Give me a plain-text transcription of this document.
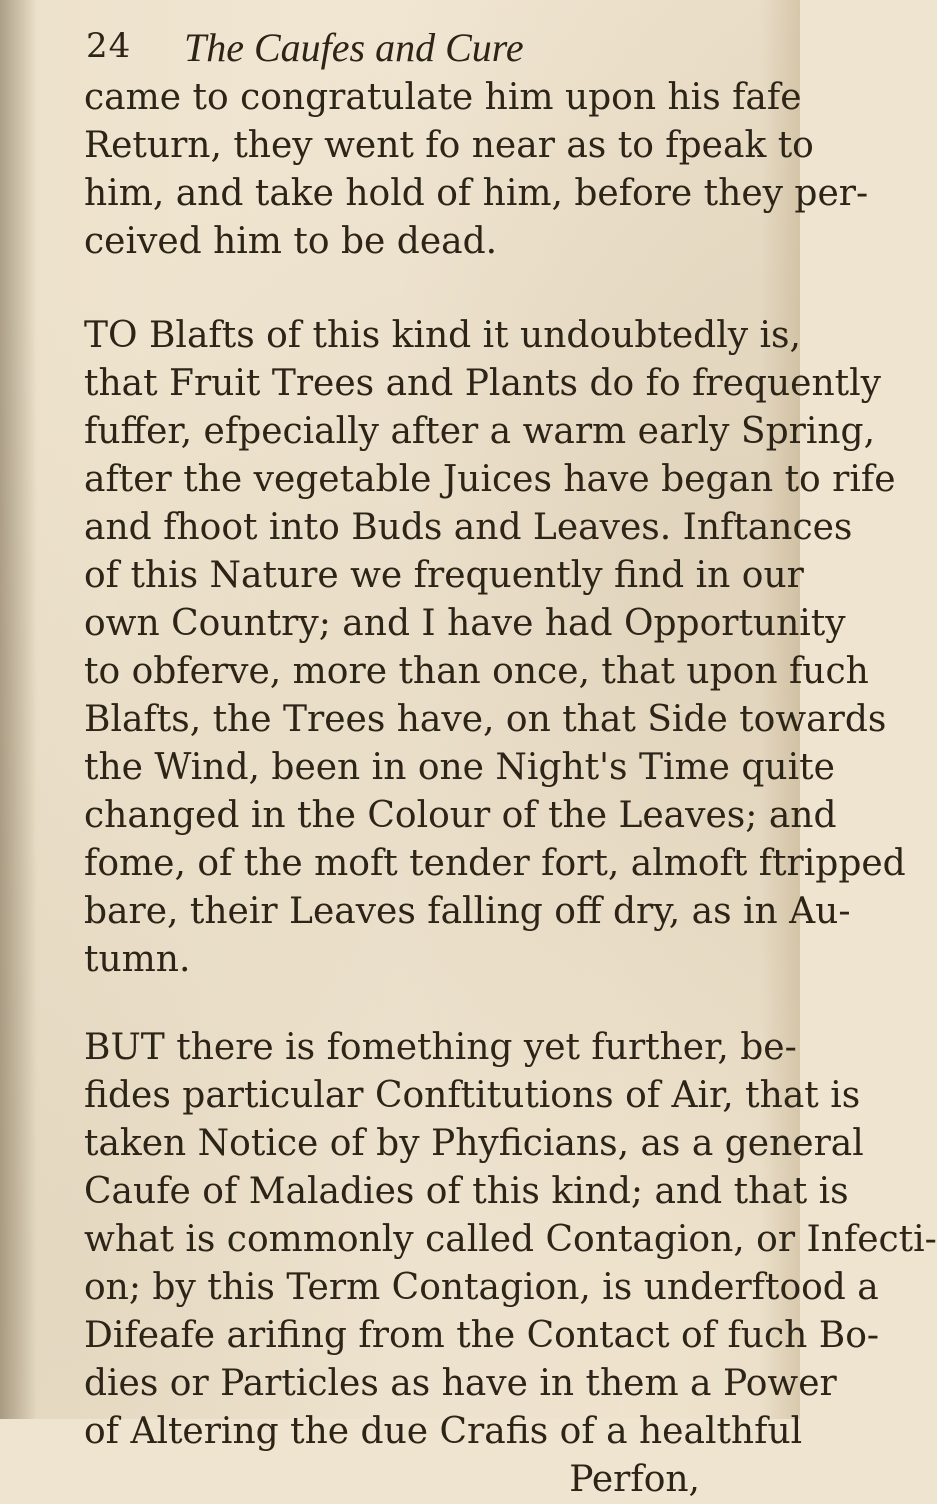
24 The Caufes and Cure
came to congratulate him upon his fafe
Return, they went fo near as to fpeak to
him, and take hold of him, before they per-
ceived him to be dead.
TO Blafts of this kind it undoubtedly is,
that Fruit Trees and Plants do fo frequently
fuffer, efpecially after a warm early Spring,
after the vegetable Juices have began to rife
and fhoot into Buds and Leaves. Inftances
of this Nature we frequently find in our
own Country; and I have had Opportunity
to obferve, more than once, that upon fuch
Blafts, the Trees have, on that Side towards
the Wind, been in one Night's Time quite
changed in the Colour of the Leaves; and
fome, of the moft tender fort, almoft ftripped
bare, their Leaves falling off dry, as in Au-
tumn.
BUT there is fomething yet further, be-
fides particular Conftitutions of Air, that is
taken Notice of by Phyficians, as a general
Caufe of Maladies of this kind; and that is
what is commonly called Contagion, or Infecti-
on; by this Term Contagion, is underftood a
Difeafe arifing from the Contact of fuch Bo-
dies or Particles as have in them a Power
of Altering the due Crafis of a healthful
Perfon,
